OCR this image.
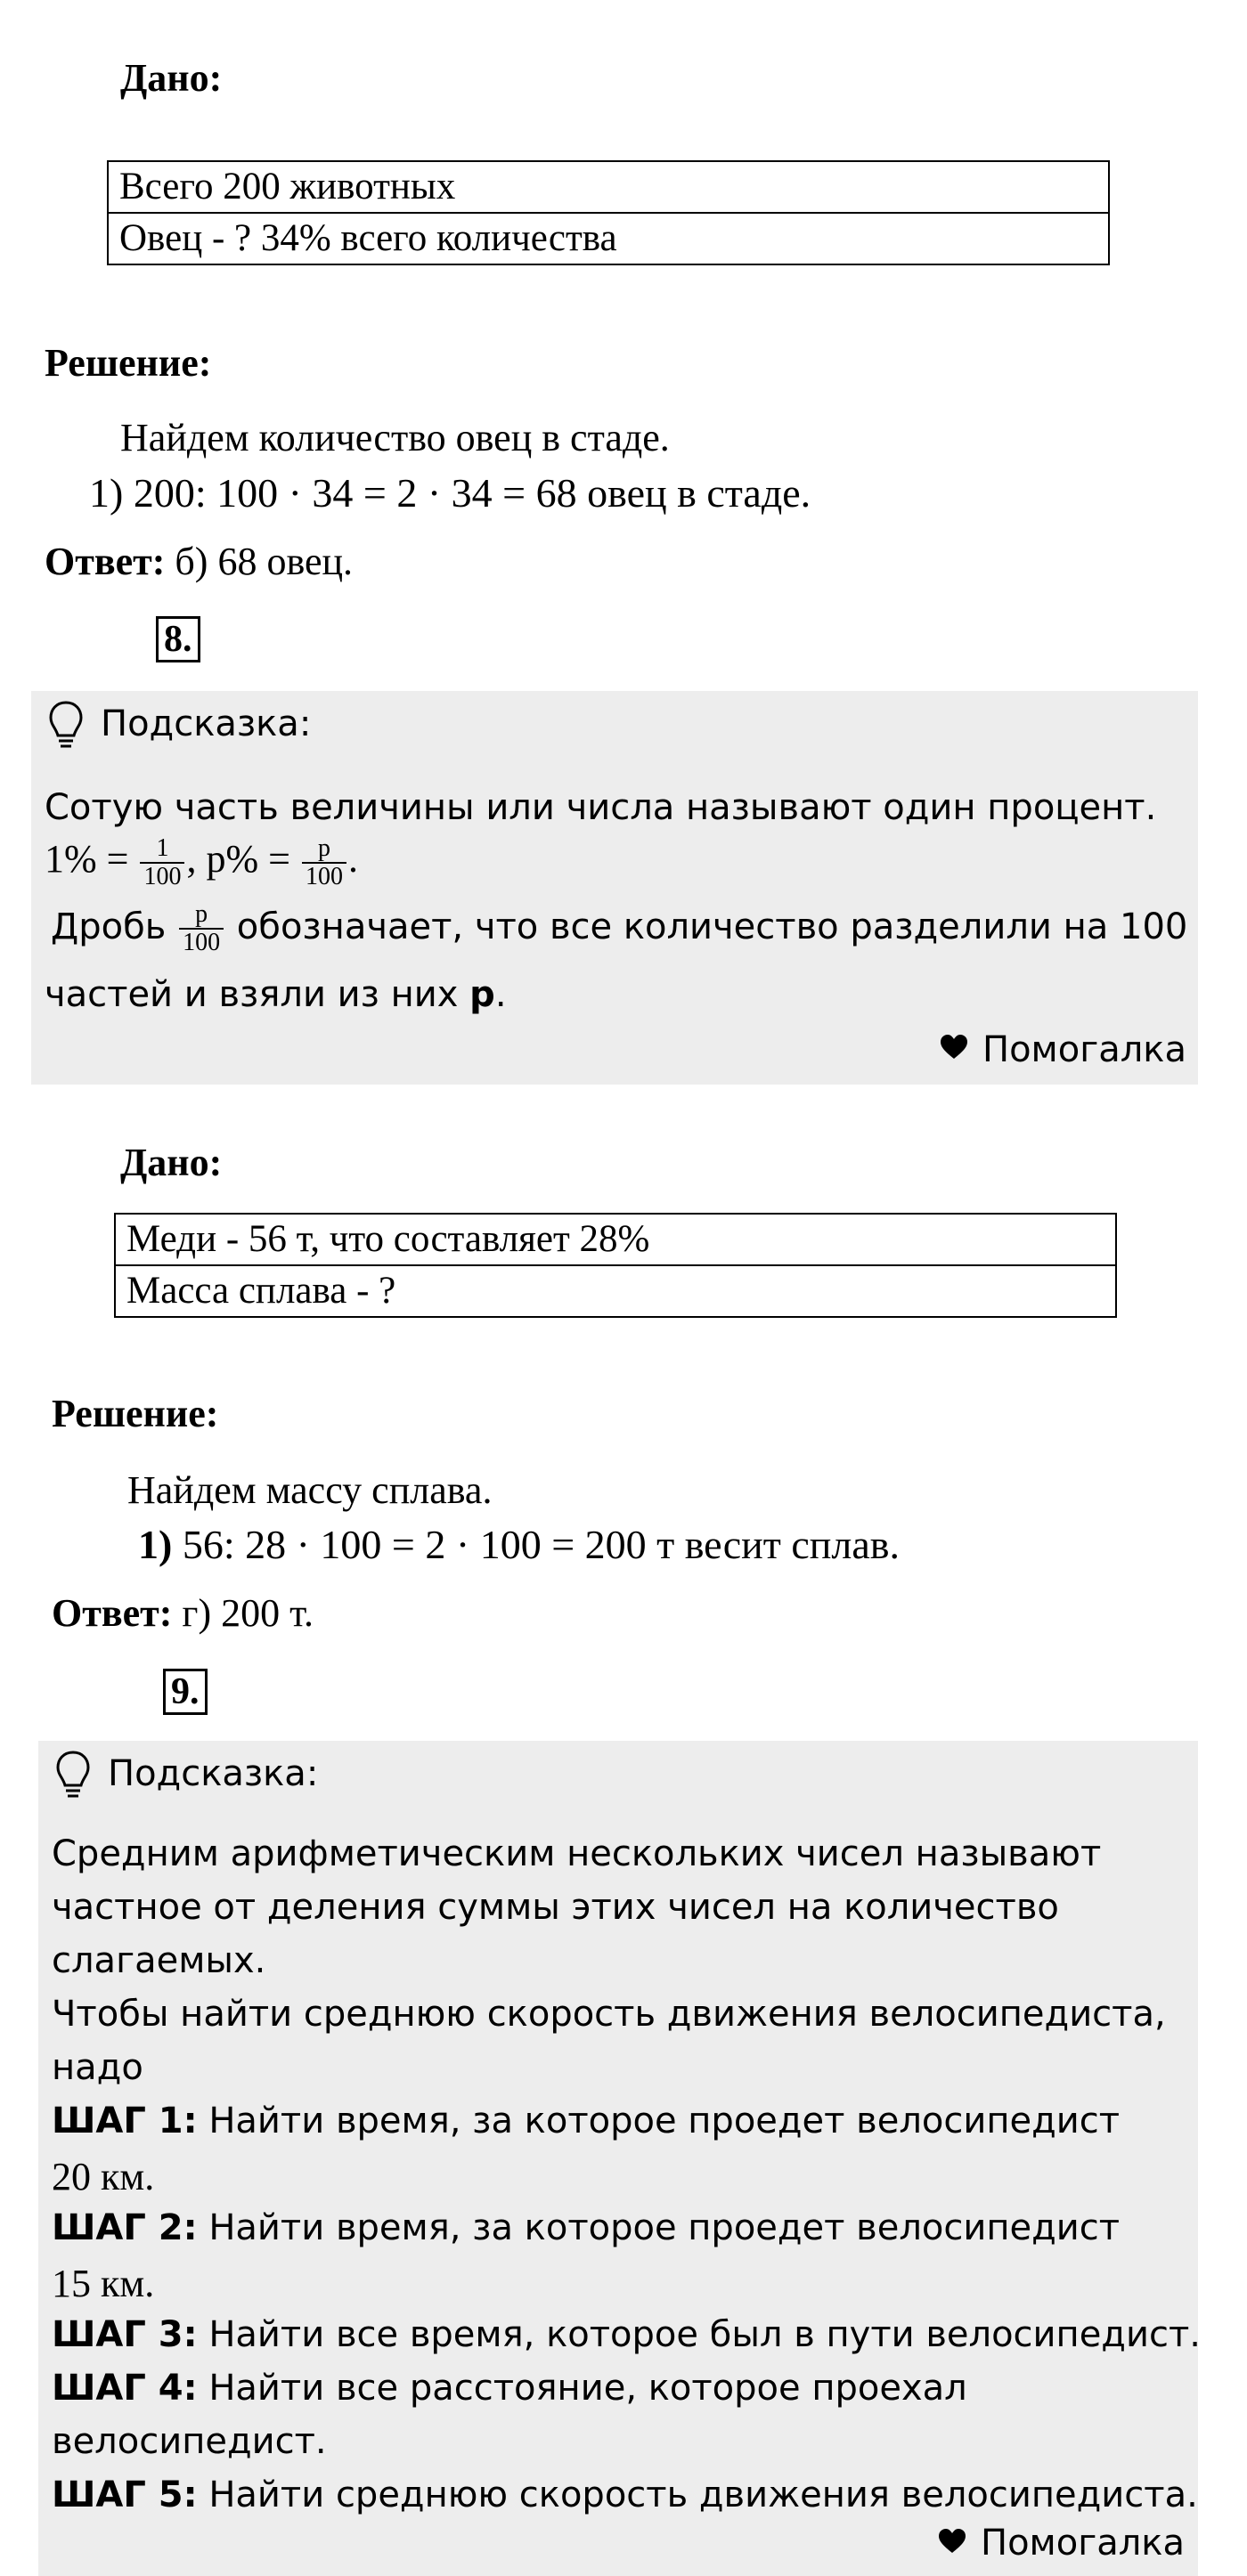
Дано:
Всего 200 животных
Овец - ? 34% всего количества
Решение:
Найдем количество овец в стаде.
1) 200: 100 · 34 = 2 · 34 = 68 овец в стаде.
Ответ: б) 68 овец.
8.
Подсказка:
Сотую часть величины или числа называют один процент.
$1\% = \frac{1}{100}$ , $p\% = \frac{p}{100}$ .
Дробь $\frac{p}{100}$ обозначает, что все количество разделили на 100
частей и взяли из них p.
Помогалка
Дано:
Меди - 56 т, что составляет 28%
Масса сплава - ?
Решение:
Найдем массу сплава.
1) 56: 28 · 100 = 2 · 100 = 200 т весит сплав.
Ответ: г) 200 т.
9.
Подсказка:
Средним арифметическим нескольких чисел называют
частное от деления суммы этих чисел на количество
слагаемых.
Чтобы найти среднюю скорость движения велосипедиста,
надо
ШАГ 1: Найти время, за которое проедет велосипедист
20 км.
ШАГ 2: Найти время, за которое проедет велосипедист
15 км.
ШАГ 3: Найти все время, которое был в пути велосипедист.
ШАГ 4: Найти все расстояние, которое проехал
велосипедист.
ШАГ 5: Найти среднюю скорость движения велосипедиста.
Помогалка
